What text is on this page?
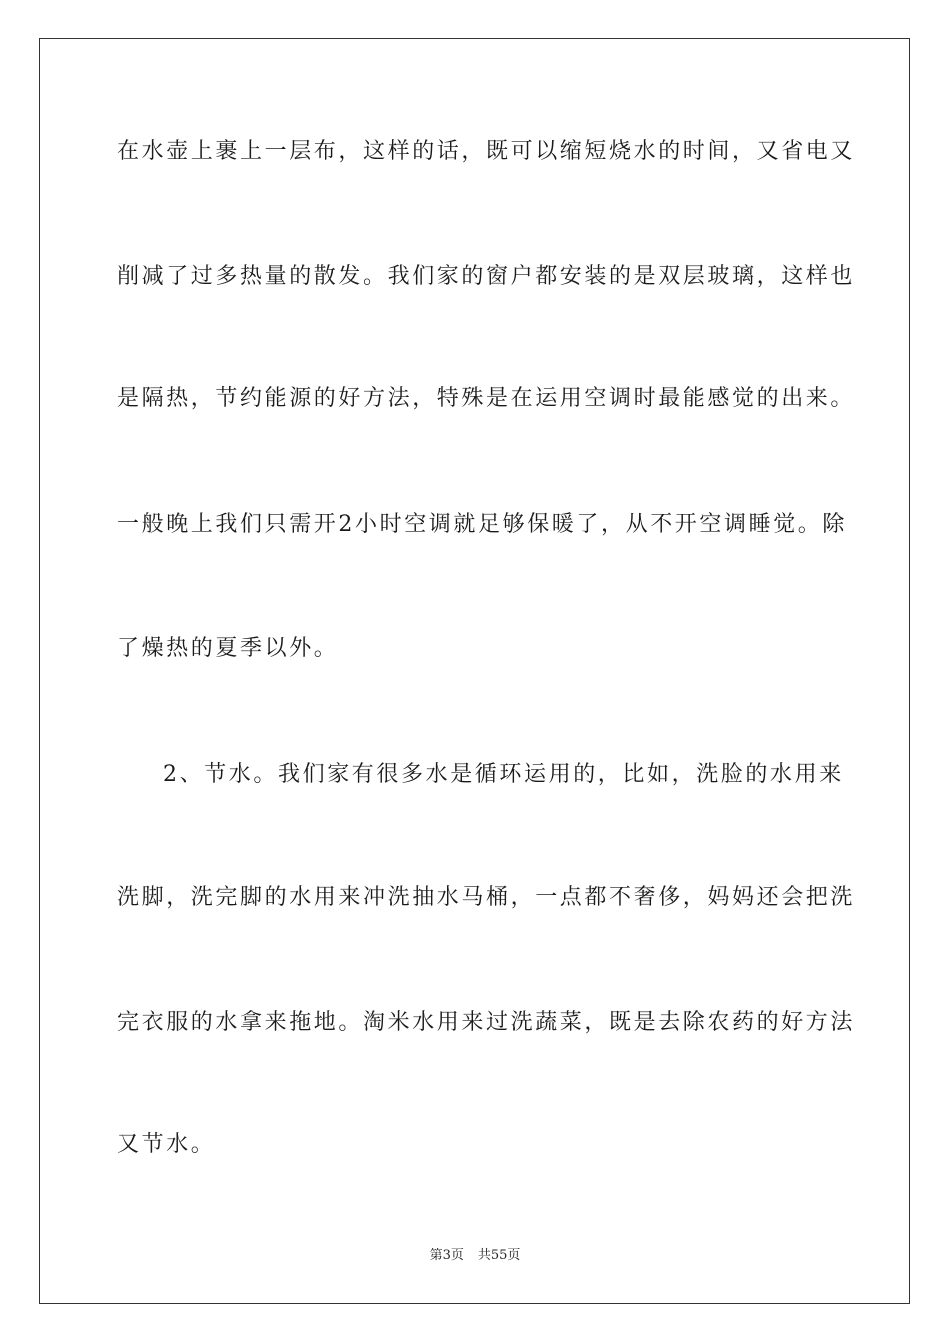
在水壶上裹上一层布，这样的话，既可以缩短烧水的时间，又省电又
削减了过多热量的散发。我们家的窗户都安装的是双层玻璃，这样也
是隔热，节约能源的好方法，特殊是在运用空调时最能感觉的出来。
一般晚上我们只需开2小时空调就足够保暖了，从不开空调睡觉。除
了燥热的夏季以外。
2、节水。我们家有很多水是循环运用的，比如，洗脸的水用来
洗脚，洗完脚的水用来冲洗抽水马桶，一点都不奢侈，妈妈还会把洗
完衣服的水拿来拖地。淘米水用来过洗蔬菜，既是去除农药的好方法
又节水。
第3页 共55页
